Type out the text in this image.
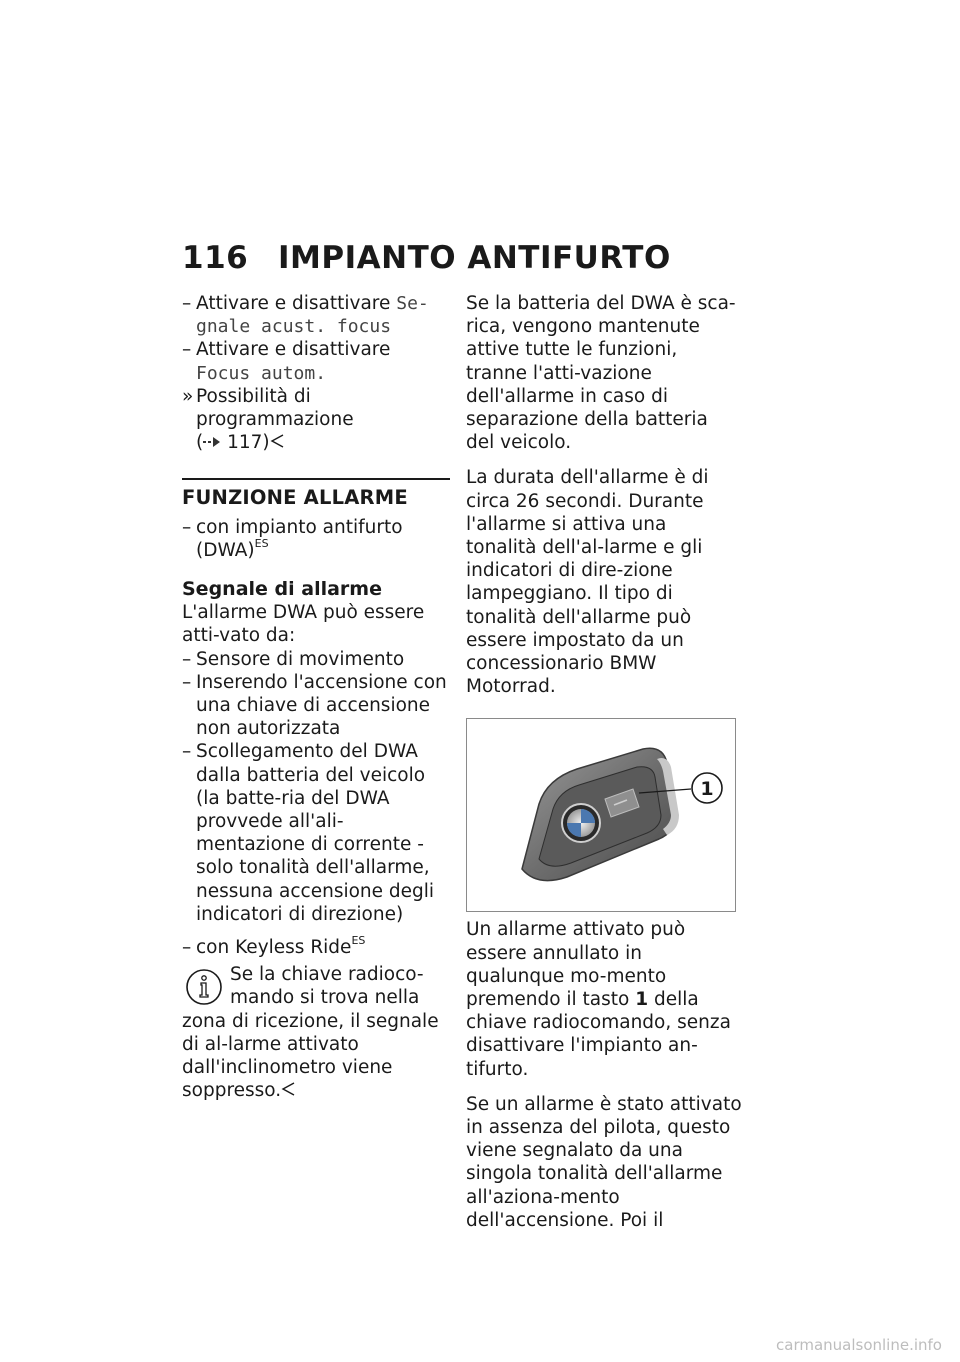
116 IMPIANTO ANTIFURTO
– Attivare e disattivare Se-gnale acust. focus
– Attivare e disattivare Focus autom.
» Possibilità di programmazione
( 117)
FUNZIONE ALLARME
– con impianto antifurto (DWA)$^{ES}$
Segnale di allarme

L'allarme DWA può essere atti-vato da:

– Sensore di movimento
– Inserendo l'accensione con una chiave di accensione non autorizzata
– Scollegamento del DWA dalla batteria del veicolo (la batte-ria del DWA provvede all'ali-mentazione di corrente - solo tonalità dell'allarme, nessuna accensione degli indicatori di direzione)
– con Keyless Ride$^{ES}$
Se la chiave radioco-mando si trova nella zona di ricezione, il segnale di al-larme attivato dall'inclinometro viene soppresso.

Se la batteria del DWA è sca-rica, vengono mantenute attive tutte le funzioni, tranne l'atti-vazione dell'allarme in caso di separazione della batteria del veicolo.

La durata dell'allarme è di circa 26 secondi. Durante l'allarme si attiva una tonalità dell'al-larme e gli indicatori di dire-zione lampeggiano. Il tipo di tonalità dell'allarme può essere impostato da un concessionario BMW Motorrad.

1

Un allarme attivato può essere annullato in qualunque mo-mento premendo il tasto 1 della chiave radiocomando, senza disattivare l'impianto an-tifurto.

Se un allarme è stato attivato in assenza del pilota, questo viene segnalato da una singola tonalità dell'allarme all'aziona-mento dell'accensione. Poi il

carmanualsonline.info
